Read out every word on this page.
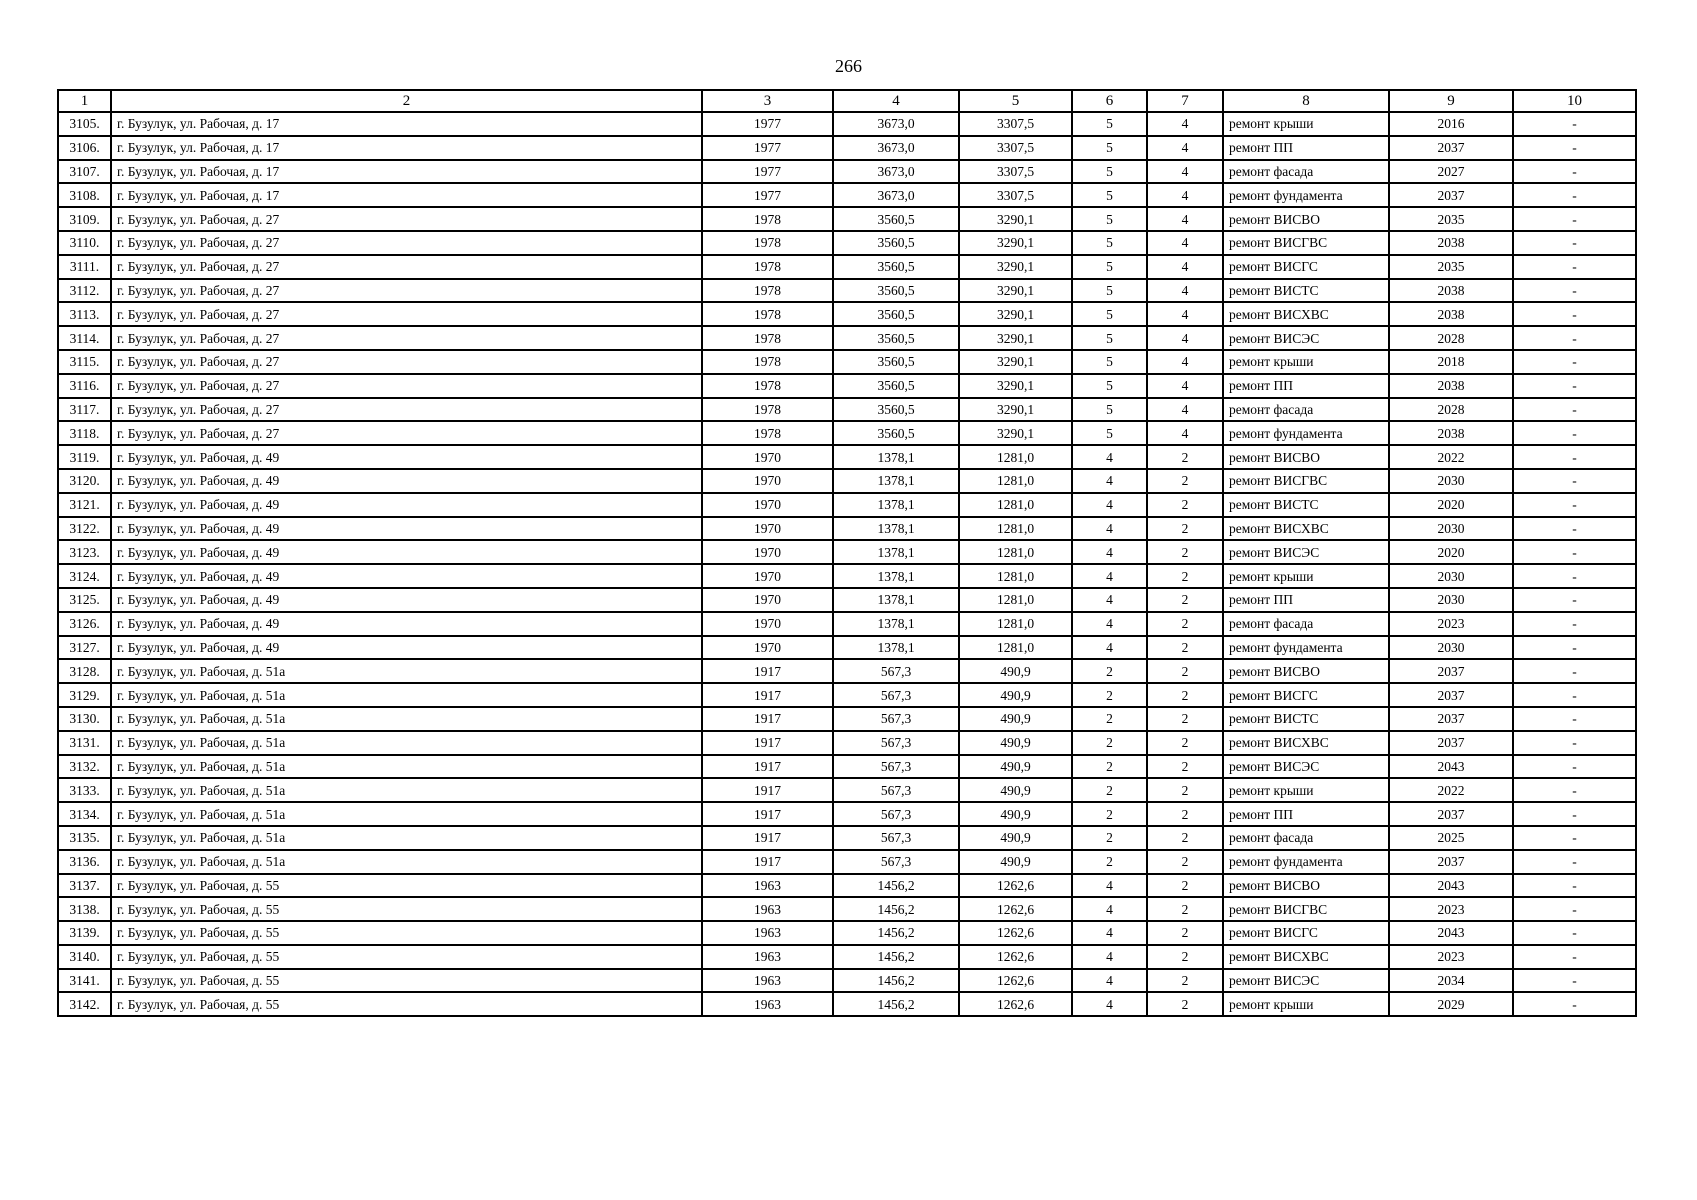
266
1	2	3	4	5	6	7	8	9	10
3105.	г. Бузулук, ул. Рабочая, д. 17	1977	3673,0	3307,5	5	4	ремонт крыши	2016	-
3106.	г. Бузулук, ул. Рабочая, д. 17	1977	3673,0	3307,5	5	4	ремонт ПП	2037	-
3107.	г. Бузулук, ул. Рабочая, д. 17	1977	3673,0	3307,5	5	4	ремонт фасада	2027	-
3108.	г. Бузулук, ул. Рабочая, д. 17	1977	3673,0	3307,5	5	4	ремонт фундамента	2037	-
3109.	г. Бузулук, ул. Рабочая, д. 27	1978	3560,5	3290,1	5	4	ремонт ВИСВО	2035	-
3110.	г. Бузулук, ул. Рабочая, д. 27	1978	3560,5	3290,1	5	4	ремонт ВИСГВС	2038	-
3111.	г. Бузулук, ул. Рабочая, д. 27	1978	3560,5	3290,1	5	4	ремонт ВИСГС	2035	-
3112.	г. Бузулук, ул. Рабочая, д. 27	1978	3560,5	3290,1	5	4	ремонт ВИСТС	2038	-
3113.	г. Бузулук, ул. Рабочая, д. 27	1978	3560,5	3290,1	5	4	ремонт ВИСХВС	2038	-
3114.	г. Бузулук, ул. Рабочая, д. 27	1978	3560,5	3290,1	5	4	ремонт ВИСЭС	2028	-
3115.	г. Бузулук, ул. Рабочая, д. 27	1978	3560,5	3290,1	5	4	ремонт крыши	2018	-
3116.	г. Бузулук, ул. Рабочая, д. 27	1978	3560,5	3290,1	5	4	ремонт ПП	2038	-
3117.	г. Бузулук, ул. Рабочая, д. 27	1978	3560,5	3290,1	5	4	ремонт фасада	2028	-
3118.	г. Бузулук, ул. Рабочая, д. 27	1978	3560,5	3290,1	5	4	ремонт фундамента	2038	-
3119.	г. Бузулук, ул. Рабочая, д. 49	1970	1378,1	1281,0	4	2	ремонт ВИСВО	2022	-
3120.	г. Бузулук, ул. Рабочая, д. 49	1970	1378,1	1281,0	4	2	ремонт ВИСГВС	2030	-
3121.	г. Бузулук, ул. Рабочая, д. 49	1970	1378,1	1281,0	4	2	ремонт ВИСТС	2020	-
3122.	г. Бузулук, ул. Рабочая, д. 49	1970	1378,1	1281,0	4	2	ремонт ВИСХВС	2030	-
3123.	г. Бузулук, ул. Рабочая, д. 49	1970	1378,1	1281,0	4	2	ремонт ВИСЭС	2020	-
3124.	г. Бузулук, ул. Рабочая, д. 49	1970	1378,1	1281,0	4	2	ремонт крыши	2030	-
3125.	г. Бузулук, ул. Рабочая, д. 49	1970	1378,1	1281,0	4	2	ремонт ПП	2030	-
3126.	г. Бузулук, ул. Рабочая, д. 49	1970	1378,1	1281,0	4	2	ремонт фасада	2023	-
3127.	г. Бузулук, ул. Рабочая, д. 49	1970	1378,1	1281,0	4	2	ремонт фундамента	2030	-
3128.	г. Бузулук, ул. Рабочая, д. 51а	1917	567,3	490,9	2	2	ремонт ВИСВО	2037	-
3129.	г. Бузулук, ул. Рабочая, д. 51а	1917	567,3	490,9	2	2	ремонт ВИСГС	2037	-
3130.	г. Бузулук, ул. Рабочая, д. 51а	1917	567,3	490,9	2	2	ремонт ВИСТС	2037	-
3131.	г. Бузулук, ул. Рабочая, д. 51а	1917	567,3	490,9	2	2	ремонт ВИСХВС	2037	-
3132.	г. Бузулук, ул. Рабочая, д. 51а	1917	567,3	490,9	2	2	ремонт ВИСЭС	2043	-
3133.	г. Бузулук, ул. Рабочая, д. 51а	1917	567,3	490,9	2	2	ремонт крыши	2022	-
3134.	г. Бузулук, ул. Рабочая, д. 51а	1917	567,3	490,9	2	2	ремонт ПП	2037	-
3135.	г. Бузулук, ул. Рабочая, д. 51а	1917	567,3	490,9	2	2	ремонт фасада	2025	-
3136.	г. Бузулук, ул. Рабочая, д. 51а	1917	567,3	490,9	2	2	ремонт фундамента	2037	-
3137.	г. Бузулук, ул. Рабочая, д. 55	1963	1456,2	1262,6	4	2	ремонт ВИСВО	2043	-
3138.	г. Бузулук, ул. Рабочая, д. 55	1963	1456,2	1262,6	4	2	ремонт ВИСГВС	2023	-
3139.	г. Бузулук, ул. Рабочая, д. 55	1963	1456,2	1262,6	4	2	ремонт ВИСГС	2043	-
3140.	г. Бузулук, ул. Рабочая, д. 55	1963	1456,2	1262,6	4	2	ремонт ВИСХВС	2023	-
3141.	г. Бузулук, ул. Рабочая, д. 55	1963	1456,2	1262,6	4	2	ремонт ВИСЭС	2034	-
3142.	г. Бузулук, ул. Рабочая, д. 55	1963	1456,2	1262,6	4	2	ремонт крыши	2029	-
